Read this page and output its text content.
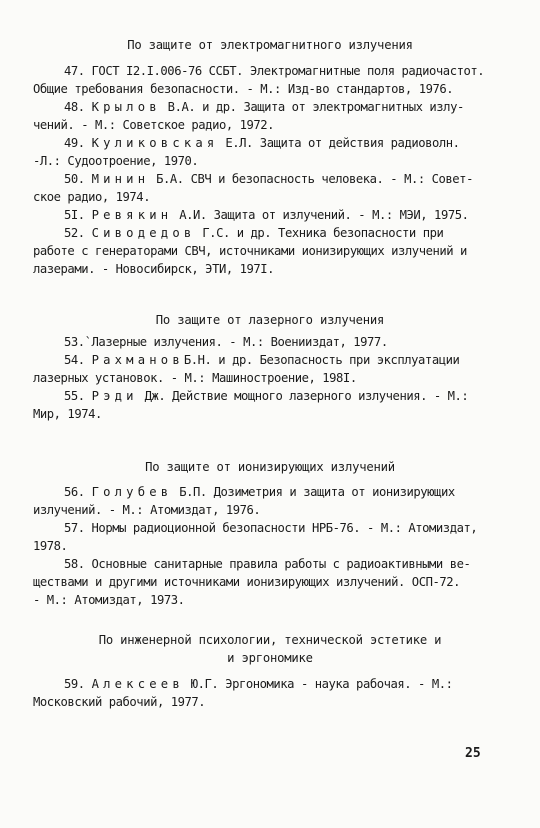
По защите от электромагнитного излучения
47. ГОСТ I2.I.006-76 ССБТ. Электромагнитные поля радиочастот.
Общие требования безопасности. - М.: Изд-во стандартов, 1976.
48. Крылов В.А. и др. Защита от электромагнитных излу-
чений. - М.: Советское радио, 1972.
49. Куликовская Е.Л. Защита от действия радиоволн.
-Л.: Судоотроение, 1970.
50. Минин Б.А. СВЧ и безопасность человека. - М.: Совет-
ское радио, 1974.
5I. Ревякин А.И. Защита от излучений. - М.: МЭИ, 1975.
52. Сиводедов Г.С. и др. Техника безопасности при
работе с генераторами СВЧ, источниками ионизирующих излучений и
лазерами. - Новосибирск, ЭТИ, 197I.
По защите от лазерного излучения
53.`Лазерные излучения. - М.: Военииздат, 1977.
54. РахмановБ.Н. и др. Безопасность при эксплуатации
лазерных установок. - М.: Машиностроение, 198I.
55. Рэди Дж. Действие мощного лазерного излучения. - М.:
Мир, 1974.
По защите от ионизирующих излучений
56. Голубев Б.П. Дозиметрия и защита от ионизирующих
излучений. - М.: Атомиздат, 1976.
57. Нормы радиоционной безопасности НРБ-76. - М.: Атомиздат,
1978.
58. Основные санитарные правила работы с радиоактивными ве-
ществами и другими источниками ионизирующих излучений. ОСП-72.
- М.: Атомиздат, 1973.
По инженерной психологии, технической эстетике и
и эргономике
59. Алексеев Ю.Г. Эргономика - наука рабочая. - М.:
Московский рабочий, 1977.
25
